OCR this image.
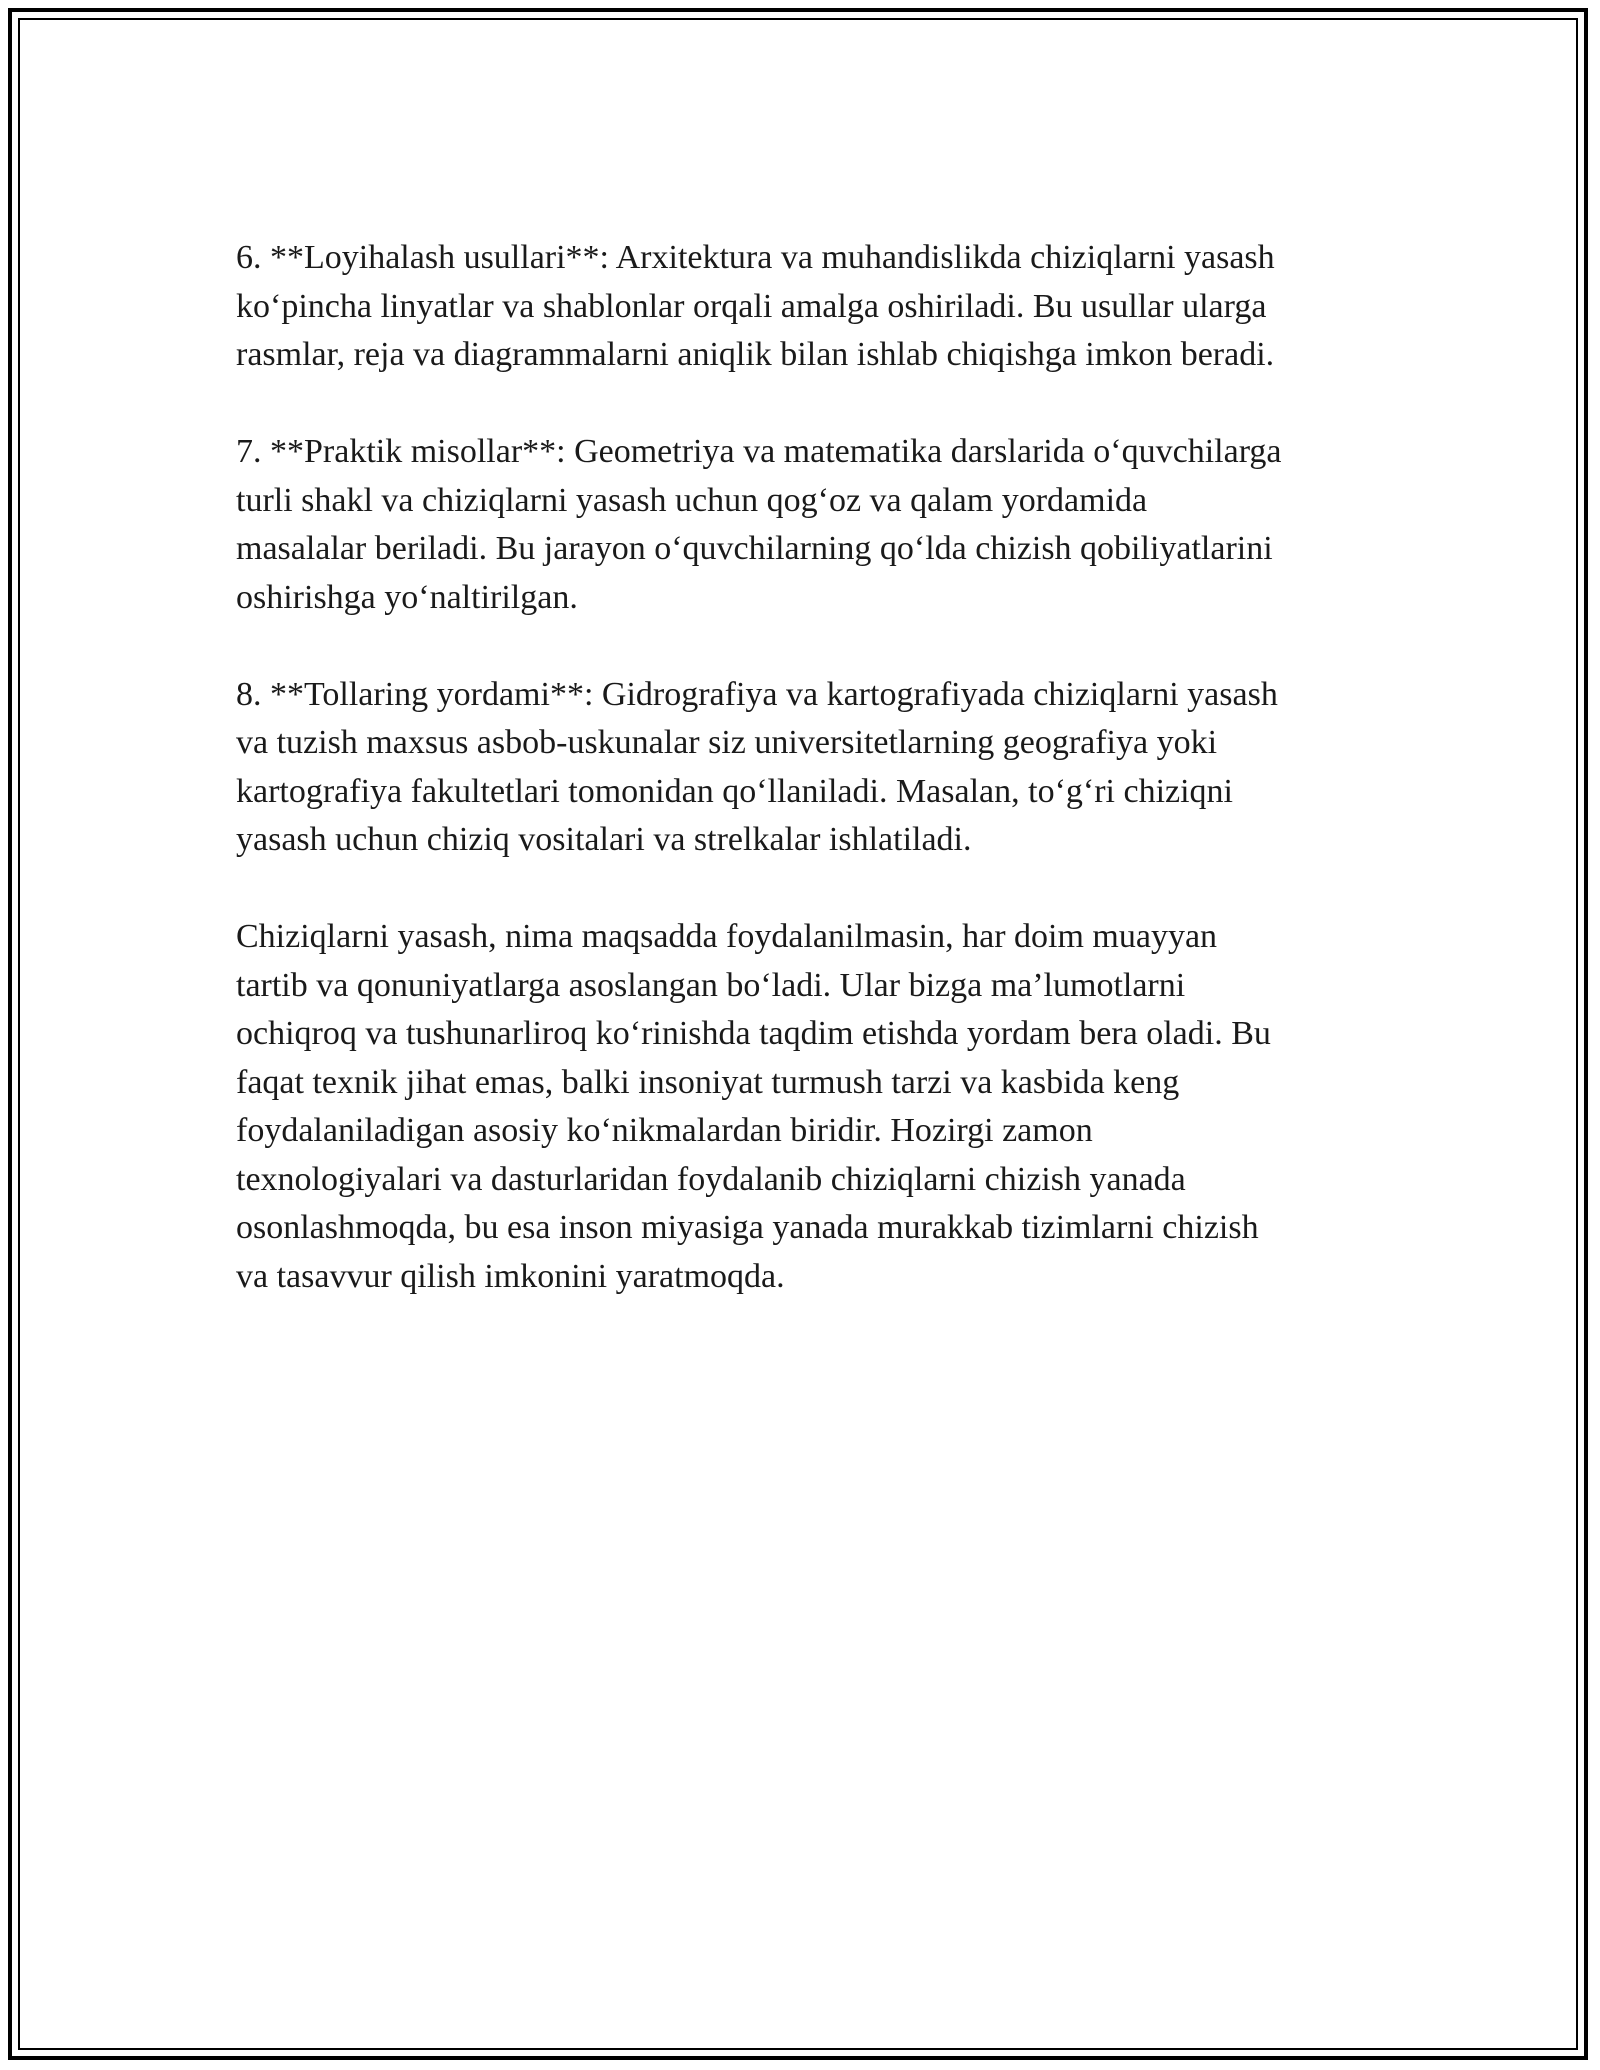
6. **Loyihalash usullari**: Arxitektura va muhandislikda chiziqlarni yasash
ko‘pincha linyatlar va shablonlar orqali amalga oshiriladi. Bu usullar ularga
rasmlar, reja va diagrammalarni aniqlik bilan ishlab chiqishga imkon beradi.

7. **Praktik misollar**: Geometriya va matematika darslarida o‘quvchilarga
turli shakl va chiziqlarni yasash uchun qog‘oz va qalam yordamida
masalalar beriladi. Bu jarayon o‘quvchilarning qo‘lda chizish qobiliyatlarini
oshirishga yo‘naltirilgan.

8. **Tollaring yordami**: Gidrografiya va kartografiyada chiziqlarni yasash
va tuzish maxsus asbob-uskunalar siz universitetlarning geografiya yoki
kartografiya fakultetlari tomonidan qo‘llaniladi. Masalan, to‘g‘ri chiziqni
yasash uchun chiziq vositalari va strelkalar ishlatiladi.

Chiziqlarni yasash, nima maqsadda foydalanilmasin, har doim muayyan
tartib va qonuniyatlarga asoslangan bo‘ladi. Ular bizga ma’lumotlarni
ochiqroq va tushunarliroq ko‘rinishda taqdim etishda yordam bera oladi. Bu
faqat texnik jihat emas, balki insoniyat turmush tarzi va kasbida keng
foydalaniladigan asosiy ko‘nikmalardan biridir. Hozirgi zamon
texnologiyalari va dasturlaridan foydalanib chiziqlarni chizish yanada
osonlashmoqda, bu esa inson miyasiga yanada murakkab tizimlarni chizish
va tasavvur qilish imkonini yaratmoqda.
